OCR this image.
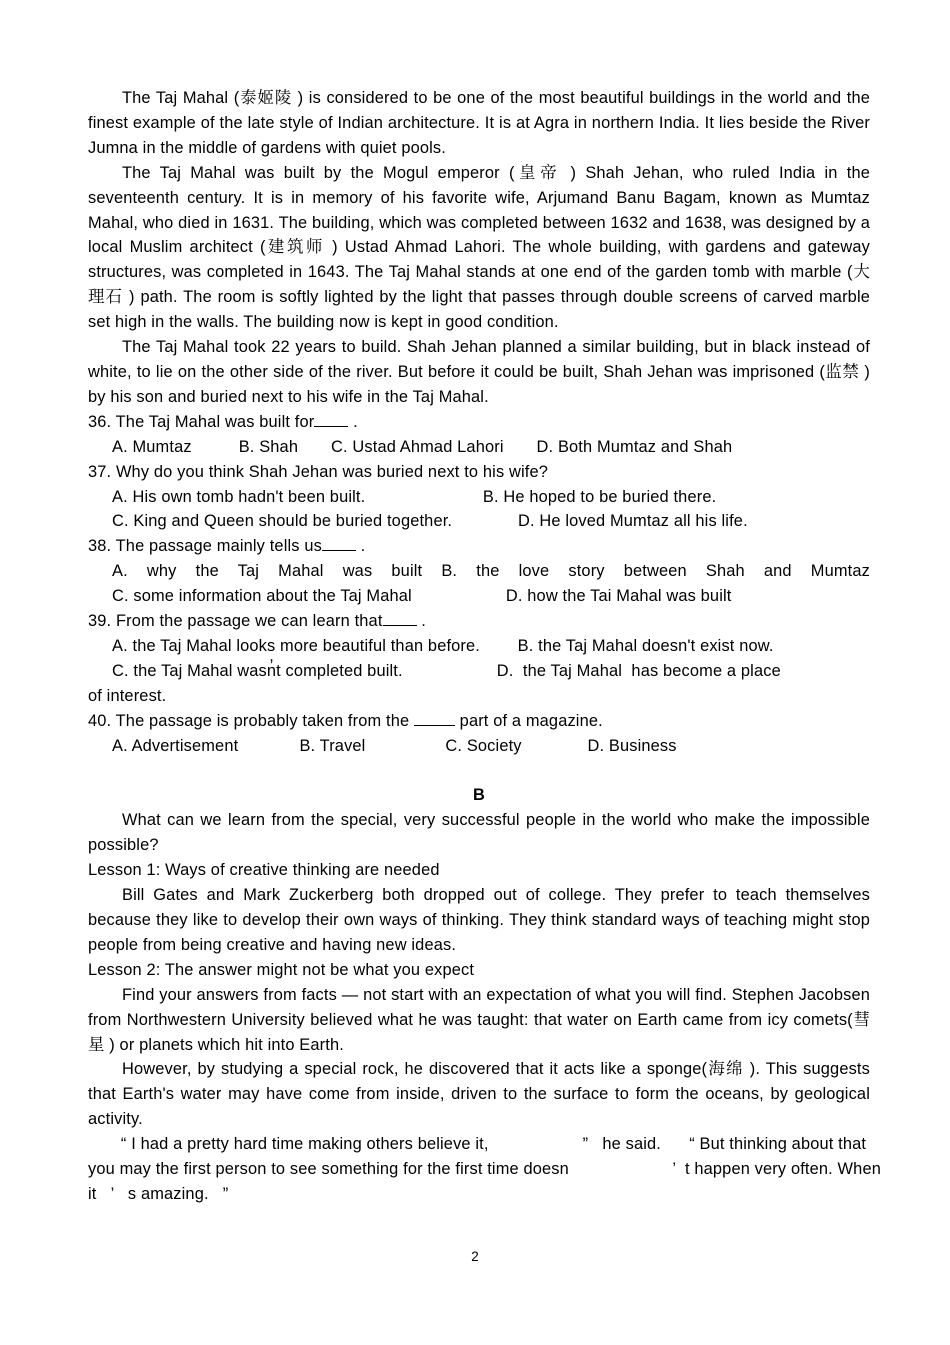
The Taj Mahal (泰姬陵 ) is considered to be one of the most beautiful buildings in the world and the finest example of the late style of Indian architecture. It is at Agra in northern India. It lies beside the River Jumna in the middle of gardens with quiet pools.

The Taj Mahal was built by the Mogul emperor (皇帝 ) Shah Jehan, who ruled India in the seventeenth century. It is in memory of his favorite wife, Arjumand Banu Bagam, known as Mumtaz Mahal, who died in 1631. The building, which was completed between 1632 and 1638, was designed by a local Muslim architect (建筑师 ) Ustad Ahmad Lahori. The whole building, with gardens and gateway structures, was completed in 1643. The Taj Mahal stands at one end of the garden tomb with marble (大理石 ) path. The room is softly lighted by the light that passes through double screens of carved marble set high in the walls. The building now is kept in good condition.

The Taj Mahal took 22 years to build. Shah Jehan planned a similar building, but in black instead of white, to lie on the other side of the river. But before it could be built, Shah Jehan was imprisoned (监禁 ) by his son and buried next to his wife in the Taj Mahal.

36. The Taj Mahal was built for .

A. Mumtaz          B. Shah       C. Ustad Ahmad Lahori       D. Both Mumtaz and Shah

37. Why do you think Shah Jehan was buried next to his wife?

A. His own tomb hadn't been built.                         B. He hoped to be buried there.

C. King and Queen should be buried together.              D. He loved Mumtaz all his life.

38. The passage mainly tells us .

A. why the Taj Mahal was built B. the love story between Shah and Mumtaz

C. some information about the Taj Mahal                    D. how the Tai Mahal was built

39. From the passage we can learn that .

A. the Taj Mahal looks more beautiful than before.        B. the Taj Mahal doesn't exist now.

C. the Taj Mahal wasn̓t completed built.                    D.  the Taj Mahal  has become a place

of interest.

40. The passage is probably taken from the	part of a magazine.

A. Advertisement             B. Travel                 C. Society              D. Business

B

What can we learn from the special, very successful people in the world who make the impossible possible?

Lesson 1: Ways of creative thinking are needed

Bill Gates and Mark Zuckerberg both dropped out of college. They prefer to teach themselves because they like to develop their own ways of thinking. They think standard ways of teaching might stop people from being creative and having new ideas.

Lesson 2: The answer might not be what you expect

Find your answers from facts — not start with an expectation of what you will find. Stephen Jacobsen from Northwestern University believed what he was taught: that water on Earth came from icy comets(彗星 ) or planets which hit into Earth.

However, by studying a special rock, he discovered that it acts like a sponge(海绵 ). This suggests that Earth's water may have come from inside, driven to the surface to form the oceans, by geological activity.

“ I had a pretty hard time making others believe it,                    ”   he said.      “ But thinking about that

you may the first person to see something for the first time doesn                      ’  t happen very often. When

it   ’   s amazing.   ”

2
